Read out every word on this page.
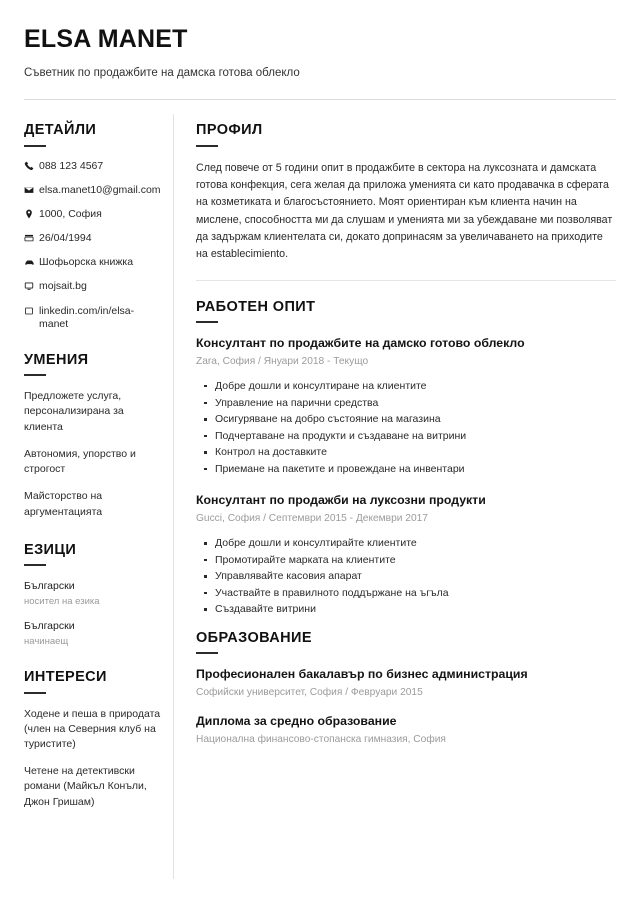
ELSA MANET
Съветник по продажбите на дамска готова облекло
ДЕТАЙЛИ
088 123 4567
elsa.manet10@gmail.com
1000, София
26/04/1994
Шофьорска книжка
mojsait.bg
linkedin.com/in/elsa-manet
УМЕНИЯ
Предложете услуга, персонализирана за клиента
Автономия, упорство и строгост
Майсторство на аргументацията
ЕЗИЦИ
Български
носител на езика
Български
начинаещ
ИНТЕРЕСИ
Ходене и пеша в природата (член на Северния клуб на туристите)
Четене на детективски романи (Майкъл Конъли, Джон Гришам)
ПРОФИЛ
След повече от 5 години опит в продажбите в сектора на луксозната и дамската готова конфекция, сега желая да приложа уменията си като продавачка в сферата на козметиката и благосъстоянието. Моят ориентиран към клиента начин на мислене, способността ми да слушам и уменията ми за убеждаване ми позволяват да задържам клиентелата си, докато допринасям за увеличаването на приходите на establecimiento.
РАБОТЕН ОПИТ
Консултант по продажбите на дамско готово облекло
Zara, София / Януари 2018 - Текущо
Добре дошли и консултиране на клиентите
Управление на парични средства
Осигуряване на добро състояние на магазина
Подчертаване на продукти и създаване на витрини
Контрол на доставките
Приемане на пакетите и провеждане на инвентари
Консултант по продажби на луксозни продукти
Gucci, София / Септември 2015 - Декември 2017
Добре дошли и консултирайте клиентите
Промотирайте марката на клиентите
Управлявайте касовия апарат
Участвайте в правилното поддържане на ъгъла
Създавайте витрини
ОБРАЗОВАНИЕ
Професионален бакалавър по бизнес администрация
Софийски университет, София / Февруари 2015
Диплома за средно образование
Национална финансово-стопанска гимназия, София
